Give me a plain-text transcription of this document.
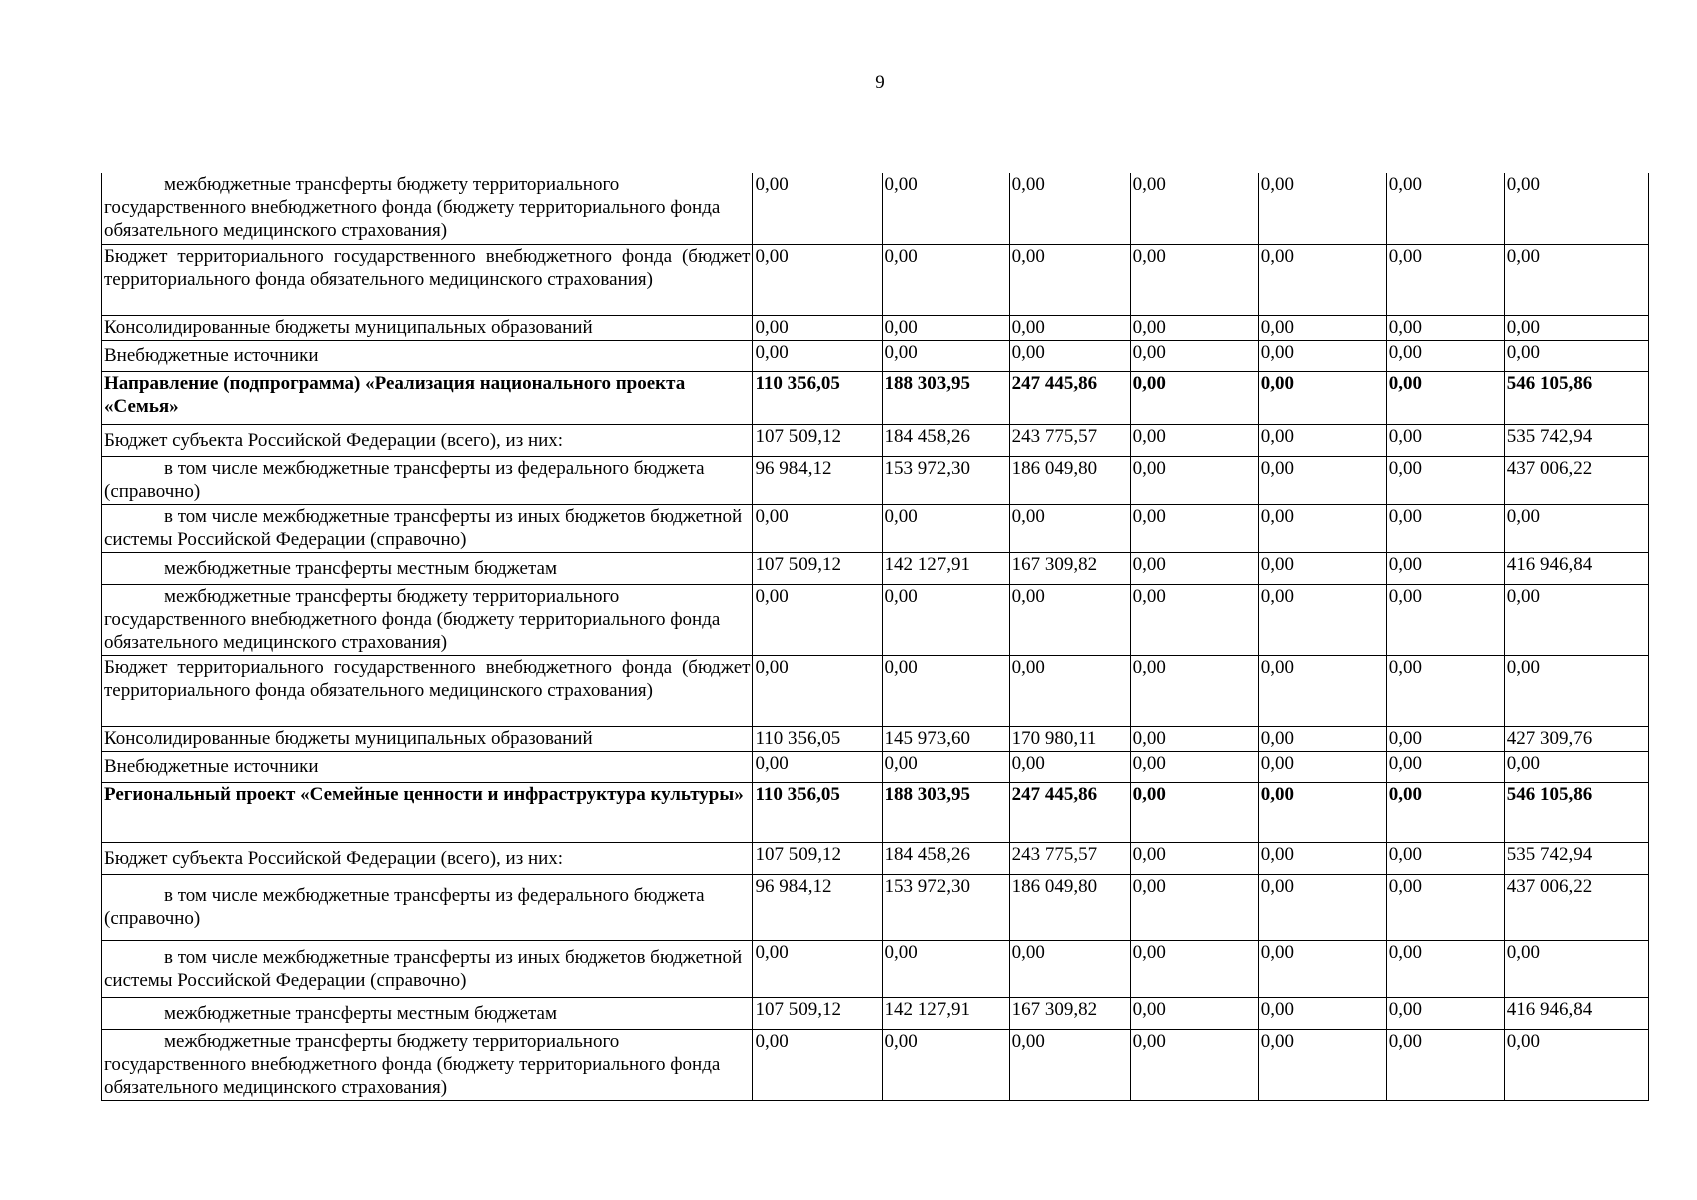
9
межбюджетные трансферты бюджету территориального государственного внебюджетного фонда (бюджету территориального фонда обязательного медицинского страхования)	0,00	0,00	0,00	0,00	0,00	0,00	0,00
Бюджет территориального государственного внебюджетного фонда (бюджет территориального фонда обязательного медицинского страхования)	0,00	0,00	0,00	0,00	0,00	0,00	0,00
Консолидированные бюджеты муниципальных образований	0,00	0,00	0,00	0,00	0,00	0,00	0,00
Внебюджетные источники	0,00	0,00	0,00	0,00	0,00	0,00	0,00
Направление (подпрограмма) «Реализация национального проекта «Семья»	110 356,05	188 303,95	247 445,86	0,00	0,00	0,00	546 105,86
Бюджет субъекта Российской Федерации (всего), из них:	107 509,12	184 458,26	243 775,57	0,00	0,00	0,00	535 742,94
в том числе межбюджетные трансферты из федерального бюджета (справочно)	96 984,12	153 972,30	186 049,80	0,00	0,00	0,00	437 006,22
в том числе межбюджетные трансферты из иных бюджетов бюджетной системы Российской Федерации (справочно)	0,00	0,00	0,00	0,00	0,00	0,00	0,00
межбюджетные трансферты местным бюджетам	107 509,12	142 127,91	167 309,82	0,00	0,00	0,00	416 946,84
межбюджетные трансферты бюджету территориального государственного внебюджетного фонда (бюджету территориального фонда обязательного медицинского страхования)	0,00	0,00	0,00	0,00	0,00	0,00	0,00
Бюджет территориального государственного внебюджетного фонда (бюджет территориального фонда обязательного медицинского страхования)	0,00	0,00	0,00	0,00	0,00	0,00	0,00
Консолидированные бюджеты муниципальных образований	110 356,05	145 973,60	170 980,11	0,00	0,00	0,00	427 309,76
Внебюджетные источники	0,00	0,00	0,00	0,00	0,00	0,00	0,00
Региональный проект «Семейные ценности и инфраструктура культуры»	110 356,05	188 303,95	247 445,86	0,00	0,00	0,00	546 105,86
Бюджет субъекта Российской Федерации (всего), из них:	107 509,12	184 458,26	243 775,57	0,00	0,00	0,00	535 742,94
в том числе межбюджетные трансферты из федерального бюджета (справочно)	96 984,12	153 972,30	186 049,80	0,00	0,00	0,00	437 006,22
в том числе межбюджетные трансферты из иных бюджетов бюджетной системы Российской Федерации (справочно)	0,00	0,00	0,00	0,00	0,00	0,00	0,00
межбюджетные трансферты местным бюджетам	107 509,12	142 127,91	167 309,82	0,00	0,00	0,00	416 946,84
межбюджетные трансферты бюджету территориального государственного внебюджетного фонда (бюджету территориального фонда обязательного медицинского страхования)	0,00	0,00	0,00	0,00	0,00	0,00	0,00
